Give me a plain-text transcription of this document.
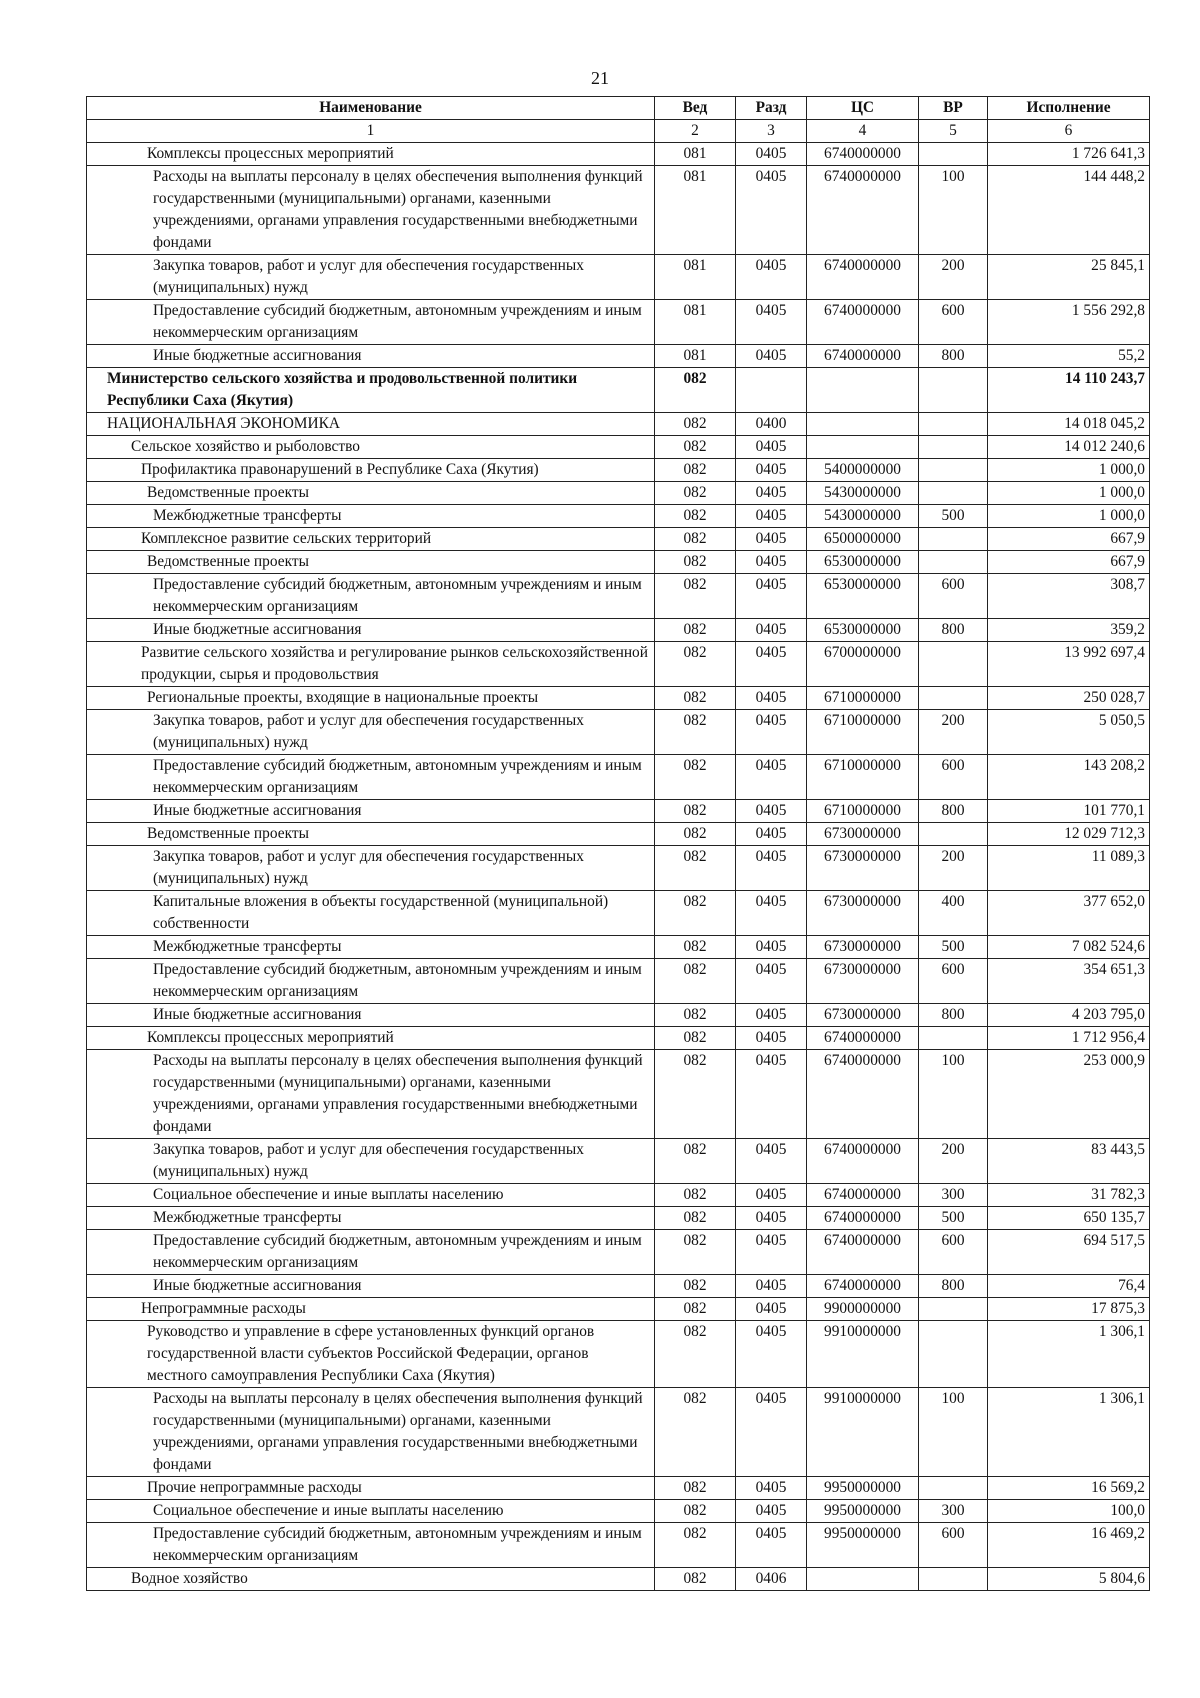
21
Наименование	Вед	Разд	ЦС	ВР	Исполнение
1	2	3	4	5	6
Комплексы процессных мероприятий	081	0405	6740000000		1 726 641,3
Расходы на выплаты персоналу в целях обеспечения выполнения функций государственными (муниципальными) органами, казенными учреждениями, органами управления государственными внебюджетными фондами	081	0405	6740000000	100	144 448,2
Закупка товаров, работ и услуг для обеспечения государственных (муниципальных) нужд	081	0405	6740000000	200	25 845,1
Предоставление субсидий бюджетным, автономным учреждениям и иным некоммерческим организациям	081	0405	6740000000	600	1 556 292,8
Иные бюджетные ассигнования	081	0405	6740000000	800	55,2
Министерство сельского хозяйства и продовольственной политики Республики Саха (Якутия)	082				14 110 243,7
НАЦИОНАЛЬНАЯ ЭКОНОМИКА	082	0400			14 018 045,2
Сельское хозяйство и рыболовство	082	0405			14 012 240,6
Профилактика правонарушений в Республике Саха (Якутия)	082	0405	5400000000		1 000,0
Ведомственные проекты	082	0405	5430000000		1 000,0
Межбюджетные трансферты	082	0405	5430000000	500	1 000,0
Комплексное развитие сельских территорий	082	0405	6500000000		667,9
Ведомственные проекты	082	0405	6530000000		667,9
Предоставление субсидий бюджетным, автономным учреждениям и иным некоммерческим организациям	082	0405	6530000000	600	308,7
Иные бюджетные ассигнования	082	0405	6530000000	800	359,2
Развитие сельского хозяйства и регулирование рынков сельскохозяйственной продукции, сырья и продовольствия	082	0405	6700000000		13 992 697,4
Региональные проекты, входящие в национальные проекты	082	0405	6710000000		250 028,7
Закупка товаров, работ и услуг для обеспечения государственных (муниципальных) нужд	082	0405	6710000000	200	5 050,5
Предоставление субсидий бюджетным, автономным учреждениям и иным некоммерческим организациям	082	0405	6710000000	600	143 208,2
Иные бюджетные ассигнования	082	0405	6710000000	800	101 770,1
Ведомственные проекты	082	0405	6730000000		12 029 712,3
Закупка товаров, работ и услуг для обеспечения государственных (муниципальных) нужд	082	0405	6730000000	200	11 089,3
Капитальные вложения в объекты государственной (муниципальной) собственности	082	0405	6730000000	400	377 652,0
Межбюджетные трансферты	082	0405	6730000000	500	7 082 524,6
Предоставление субсидий бюджетным, автономным учреждениям и иным некоммерческим организациям	082	0405	6730000000	600	354 651,3
Иные бюджетные ассигнования	082	0405	6730000000	800	4 203 795,0
Комплексы процессных мероприятий	082	0405	6740000000		1 712 956,4
Расходы на выплаты персоналу в целях обеспечения выполнения функций государственными (муниципальными) органами, казенными учреждениями, органами управления государственными внебюджетными фондами	082	0405	6740000000	100	253 000,9
Закупка товаров, работ и услуг для обеспечения государственных (муниципальных) нужд	082	0405	6740000000	200	83 443,5
Социальное обеспечение и иные выплаты населению	082	0405	6740000000	300	31 782,3
Межбюджетные трансферты	082	0405	6740000000	500	650 135,7
Предоставление субсидий бюджетным, автономным учреждениям и иным некоммерческим организациям	082	0405	6740000000	600	694 517,5
Иные бюджетные ассигнования	082	0405	6740000000	800	76,4
Непрограммные расходы	082	0405	9900000000		17 875,3
Руководство и управление в сфере установленных функций органов государственной власти субъектов Российской Федерации, органов местного самоуправления Республики Саха (Якутия)	082	0405	9910000000		1 306,1
Расходы на выплаты персоналу в целях обеспечения выполнения функций государственными (муниципальными) органами, казенными учреждениями, органами управления государственными внебюджетными фондами	082	0405	9910000000	100	1 306,1
Прочие непрограммные расходы	082	0405	9950000000		16 569,2
Социальное обеспечение и иные выплаты населению	082	0405	9950000000	300	100,0
Предоставление субсидий бюджетным, автономным учреждениям и иным некоммерческим организациям	082	0405	9950000000	600	16 469,2
Водное хозяйство	082	0406			5 804,6
